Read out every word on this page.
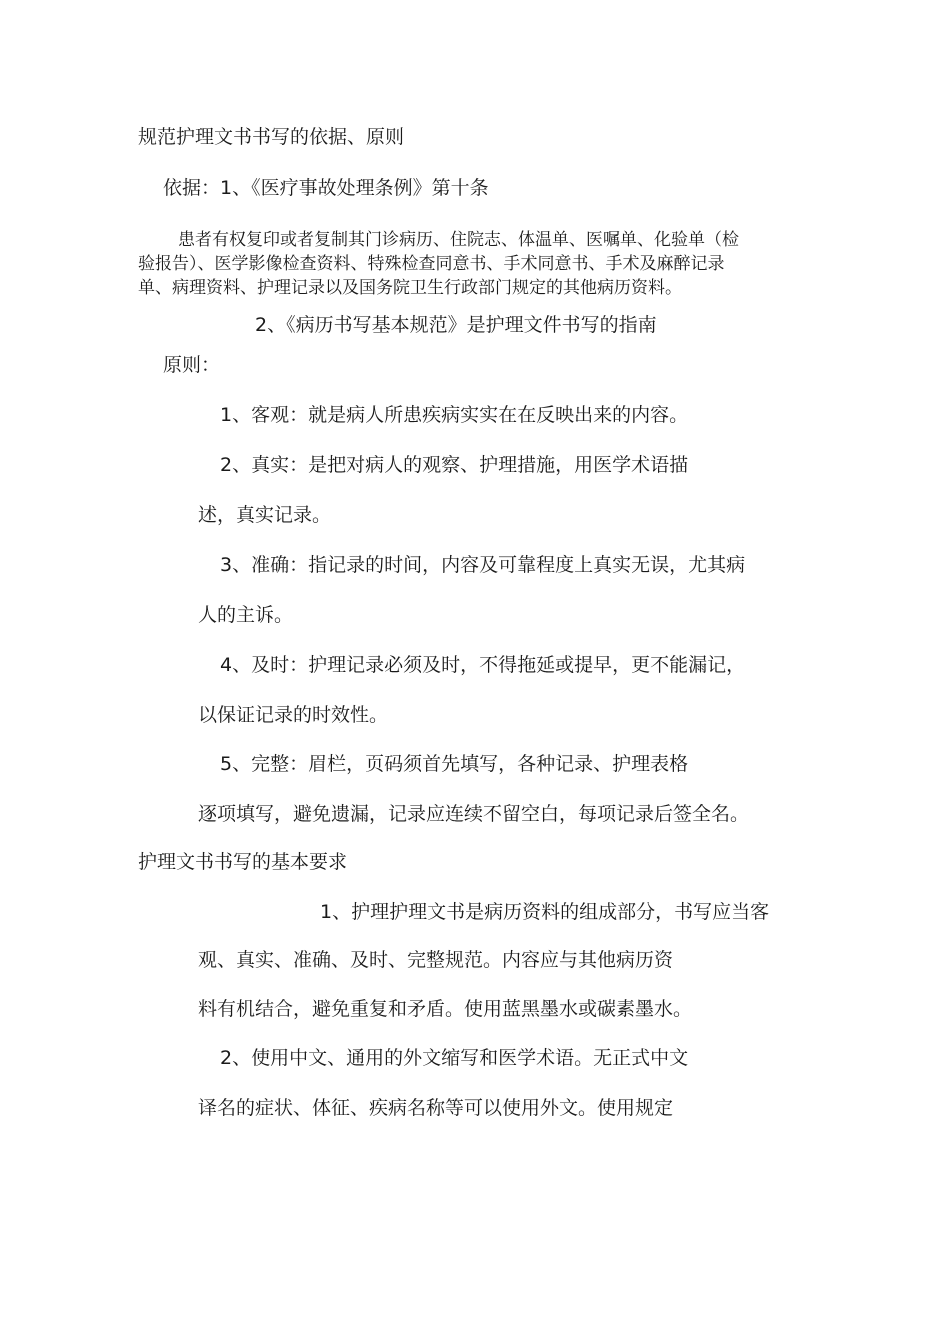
规范护理文书书写的依据、原则
依据：1、《医疗事故处理条例》第十条
患者有权复印或者复制其门诊病历、住院志、体温单、医嘱单、化验单（检
验报告）、医学影像检查资料、特殊检查同意书、手术同意书、手术及麻醉记录
单、病理资料、护理记录以及国务院卫生行政部门规定的其他病历资料。
2、《病历书写基本规范》是护理文件书写的指南
原则：
1、客观：就是病人所患疾病实实在在反映出来的内容。
2、真实：是把对病人的观察、护理措施，用医学术语描
述，真实记录。
3、准确：指记录的时间，内容及可靠程度上真实无误，尤其病
人的主诉。
4、及时：护理记录必须及时，不得拖延或提早，更不能漏记，
以保证记录的时效性。
5、完整：眉栏，页码须首先填写，各种记录、护理表格
逐项填写，避免遗漏，记录应连续不留空白，每项记录后签全名。
护理文书书写的基本要求
1、护理护理文书是病历资料的组成部分，书写应当客
观、真实、准确、及时、完整规范。内容应与其他病历资
料有机结合，避免重复和矛盾。使用蓝黑墨水或碳素墨水。
2、使用中文、通用的外文缩写和医学术语。无正式中文
译名的症状、体征、疾病名称等可以使用外文。使用规定
